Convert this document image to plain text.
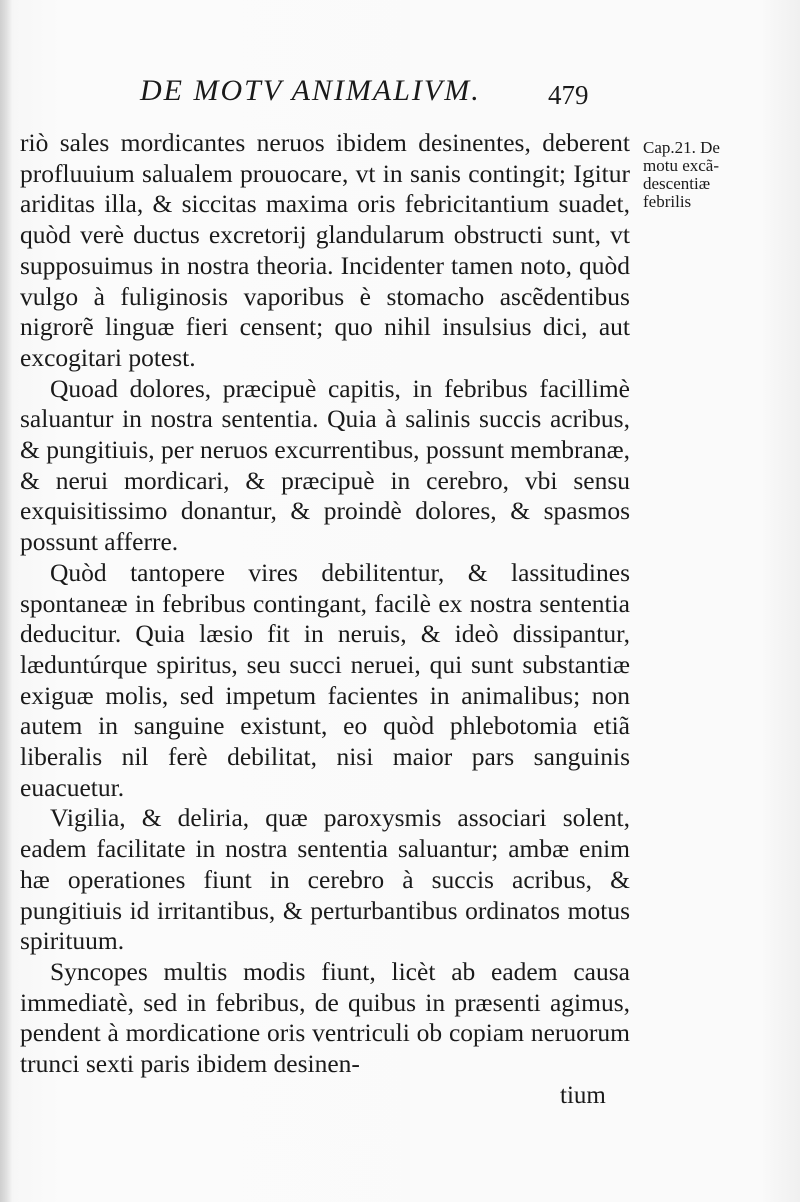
DE MOTV ANIMALIVM. 479

riò sales mordicantes neruos ibidem desinentes, deberent profluuium salualem prouocare, vt in sanis contingit; Igitur ariditas illa, & siccitas maxima oris febricitantium suadet, quòd verè ductus excretorij glandularum obstructi sunt, vt supposuimus in nostra theoria. Incidenter tamen noto, quòd vulgo à fuliginosis vaporibus è stomacho ascẽdentibus nigrorẽ linguæ fieri censent; quo nihil insulsius dici, aut excogitari potest.

Quoad dolores, præcipuè capitis, in febribus facillimè saluantur in nostra sententia. Quia à salinis succis acribus, & pungitiuis, per neruos excurrentibus, possunt membranæ, & nerui mordicari, & præcipuè in cerebro, vbi sensu exquisitissimo donantur, & proindè dolores, & spasmos possunt afferre.

Quòd tantopere vires debilitentur, & lassitudines spontaneæ in febribus contingant, facilè ex nostra sententia deducitur. Quia læsio fit in neruis, & ideò dissipantur, læduntúrque spiritus, seu succi neruei, qui sunt substantiæ exiguæ molis, sed impetum facientes in animalibus; non autem in sanguine existunt, eo quòd phlebotomia etiã liberalis nil ferè debilitat, nisi maior pars sanguinis euacuetur.

Vigilia, & deliria, quæ paroxysmis associari solent, eadem facilitate in nostra sententia saluantur; ambæ enim hæ operationes fiunt in cerebro à succis acribus, & pungitiuis id irritantibus, & perturbantibus ordinatos motus spirituum.

Syncopes multis modis fiunt, licèt ab eadem causa immediatè, sed in febribus, de quibus in præsenti agimus, pendent à mordicatione oris ventriculi ob copiam neruorum trunci sexti paris ibidem desinen-

tium
Cap.21. De
motu excã-
descentiæ
febrilis
